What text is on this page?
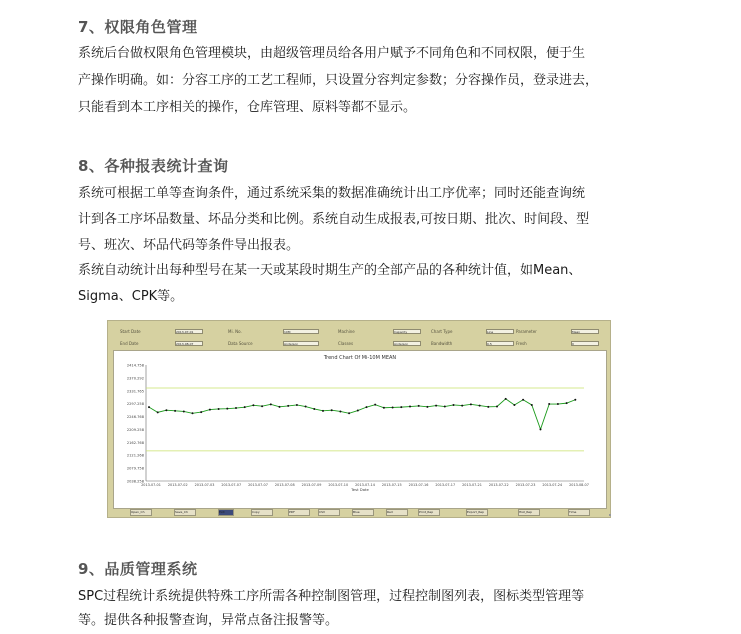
7、权限角色管理

系统后台做权限角色管理模块，由超级管理员给各用户赋予不同角色和不同权限，便于生

产操作明确。如：分容工序的工艺工程师，只设置分容判定参数；分容操作员，登录进去，

只能看到本工序相关的操作，仓库管理、原料等都不显示。

8、各种报表统计查询

系统可根据工单等查询条件，通过系统采集的数据准确统计出工序优率；同时还能查询统

计到各工序坏品数量、坏品分类和比例。系统自动生成报表,可按日期、批次、时间段、型

号、班次、坏品代码等条件导出报表。

系统自动统计出每种型号在某一天或某段时期生产的全部产品的各种统计值，如Mean、

Sigma、CPK等。

Start Date	2013-07-01	Mi. No.	10M	Machine	Capacity	Chart Type	Line	Parameter	Mean
End Date	2013-08-07	Data Source	Anderson	Classes	Anderson	Bandwidth	0.5	Fresh	0
Trend Chart Of Mi-10M MEAN
2414.758
2370.292
2331.765
2297.258
2246.768
2209.258
2162.768
2121.268
2079.758
2038.258
2013-07-01 2013-07-02 2013-07-03 2013-07-07 2013-07-07 2013-07-08 2013-07-09 2013-07-10 2013-07-14 2013-07-15 2013-07-16 2013-07-17 2013-07-21 2013-07-22 2013-07-23 2013-07-24 2013-08-07
Test Date
Open_Ch	Save_Ch	Exit	Copy	PDF	CSV	Blue	Red	Print_Rep	Export_Rep	Hist_Rep	Time
9、品质管理系统

SPC过程统计系统提供特殊工序所需各种控制图管理，过程控制图列表，图标类型管理等

等。提供各种报警查询，异常点备注报警等。
